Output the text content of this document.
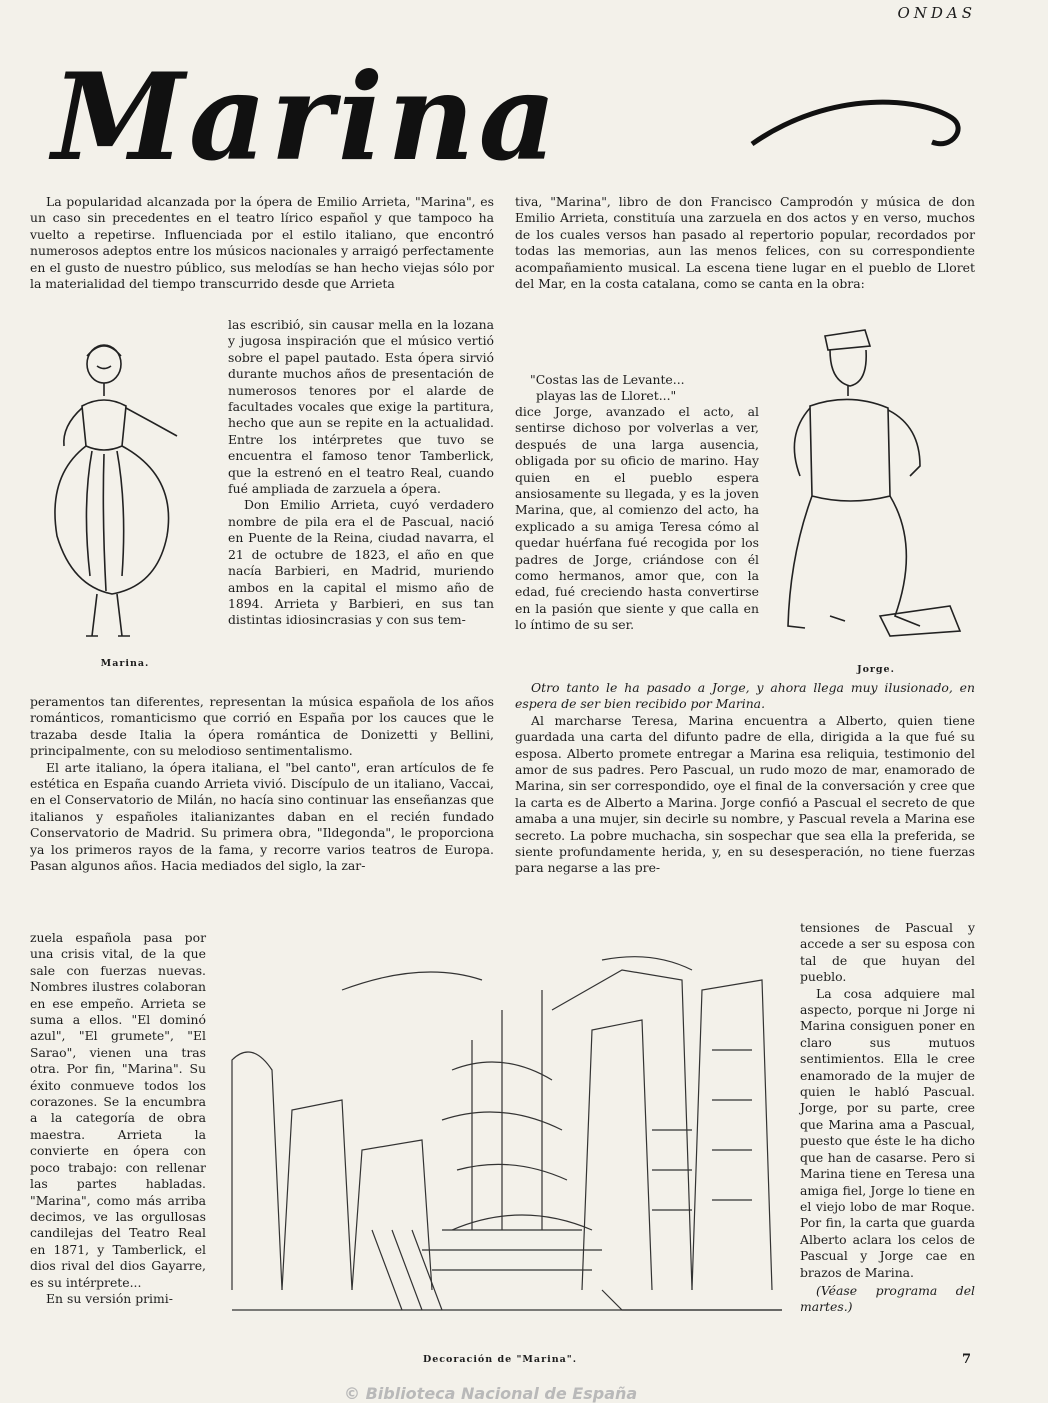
ONDAS
Marina

La popularidad alcanzada por la ópera de Emilio Arrieta, "Marina", es un caso sin precedentes en el teatro lírico español y que tampoco ha vuelto a repetirse. Influenciada por el estilo italiano, que encontró numerosos adeptos entre los músicos nacionales y arraigó perfectamente en el gusto de nuestro público, sus melodías se han hecho viejas sólo por la materialidad del tiempo transcurrido desde que Arrieta

Marina.

las escribió, sin causar mella en la lozana y jugosa inspiración que el músico vertió sobre el papel pautado. Esta ópera sirvió durante muchos años de presentación de numerosos tenores por el alarde de facultades vocales que exige la partitura, hecho que aun se repite en la actualidad. Entre los intérpretes que tuvo se encuentra el famoso tenor Tamberlick, que la estrenó en el teatro Real, cuando fué ampliada de zarzuela a ópera.

Don Emilio Arrieta, cuyó verdadero nombre de pila era el de Pascual, nació en Puente de la Reina, ciudad navarra, el 21 de octubre de 1823, el año en que nacía Barbieri, en Madrid, muriendo ambos en la capital el mismo año de 1894. Arrieta y Barbieri, en sus tan distintas idiosincrasias y con sus tem-

peramentos tan diferentes, representan la música española de los años románticos, romanticismo que corrió en España por los cauces que le trazaba desde Italia la ópera romántica de Donizetti y Bellini, principalmente, con su melodioso sentimentalismo.

El arte italiano, la ópera italiana, el "bel canto", eran artículos de fe estética en España cuando Arrieta vivió. Discípulo de un italiano, Vaccai, en el Conservatorio de Milán, no hacía sino continuar las enseñanzas que italianos y españoles italianizantes daban en el recién fundado Conservatorio de Madrid. Su primera obra, "Ildegonda", le proporciona ya los primeros rayos de la fama, y recorre varios teatros de Europa. Pasan algunos años. Hacia mediados del siglo, la zar-

zuela española pasa por una crisis vital, de la que sale con fuerzas nuevas. Nombres ilustres colaboran en ese empeño. Arrieta se suma a ellos. "El dominó azul", "El grumete", "El Sarao", vienen una tras otra. Por fin, "Marina". Su éxito conmueve todos los corazones. Se la encumbra a la categoría de obra maestra. Arrieta la convierte en ópera con poco trabajo: con rellenar las partes habladas. "Marina", como más arriba decimos, ve las orgullosas candilejas del Teatro Real en 1871, y Tamberlick, el dios rival del dios Gayarre, es su intérprete...

En su versión primi-

Decoración de "Marina".

tiva, "Marina", libro de don Francisco Camprodón y música de don Emilio Arrieta, constituía una zarzuela en dos actos y en verso, muchos de los cuales versos han pasado al repertorio popular, recordados por todas las memorias, aun las menos felices, con su correspondiente acompañamiento musical. La escena tiene lugar en el pueblo de Lloret del Mar, en la costa catalana, como se canta en la obra:

"Costas las de Levante...
playas las de Lloret..."

dice Jorge, avanzado el acto, al sentirse dichoso por volverlas a ver, después de una larga ausencia, obligada por su oficio de marino. Hay quien en el pueblo espera ansiosamente su llegada, y es la joven Marina, que, al comienzo del acto, ha explicado a su amiga Teresa cómo al quedar huérfana fué recogida por los padres de Jorge, criándose con él como hermanos, amor que, con la edad, fué creciendo hasta convertirse en la pasión que siente y que calla en lo íntimo de su ser.

Jorge.

Otro tanto le ha pasado a Jorge, y ahora llega muy ilusionado, en espera de ser bien recibido por Marina.

Al marcharse Teresa, Marina encuentra a Alberto, quien tiene guardada una carta del difunto padre de ella, dirigida a la que fué su esposa. Alberto promete entregar a Marina esa reliquia, testimonio del amor de sus padres. Pero Pascual, un rudo mozo de mar, enamorado de Marina, sin ser correspondido, oye el final de la conversación y cree que la carta es de Alberto a Marina. Jorge confió a Pascual el secreto de que amaba a una mujer, sin decirle su nombre, y Pascual revela a Marina ese secreto. La pobre muchacha, sin sospechar que sea ella la preferida, se siente profundamente herida, y, en su desesperación, no tiene fuerzas para negarse a las pre-

tensiones de Pascual y accede a ser su esposa con tal de que huyan del pueblo.

La cosa adquiere mal aspecto, porque ni Jorge ni Marina consiguen poner en claro sus mutuos sentimientos. Ella le cree enamorado de la mujer de quien le habló Pascual. Jorge, por su parte, cree que Marina ama a Pascual, puesto que éste le ha dicho que han de casarse. Pero si Marina tiene en Teresa una amiga fiel, Jorge lo tiene en el viejo lobo de mar Roque. Por fin, la carta que guarda Alberto aclara los celos de Pascual y Jorge cae en brazos de Marina.

(Véase programa del martes.)

7
© Biblioteca Nacional de España
